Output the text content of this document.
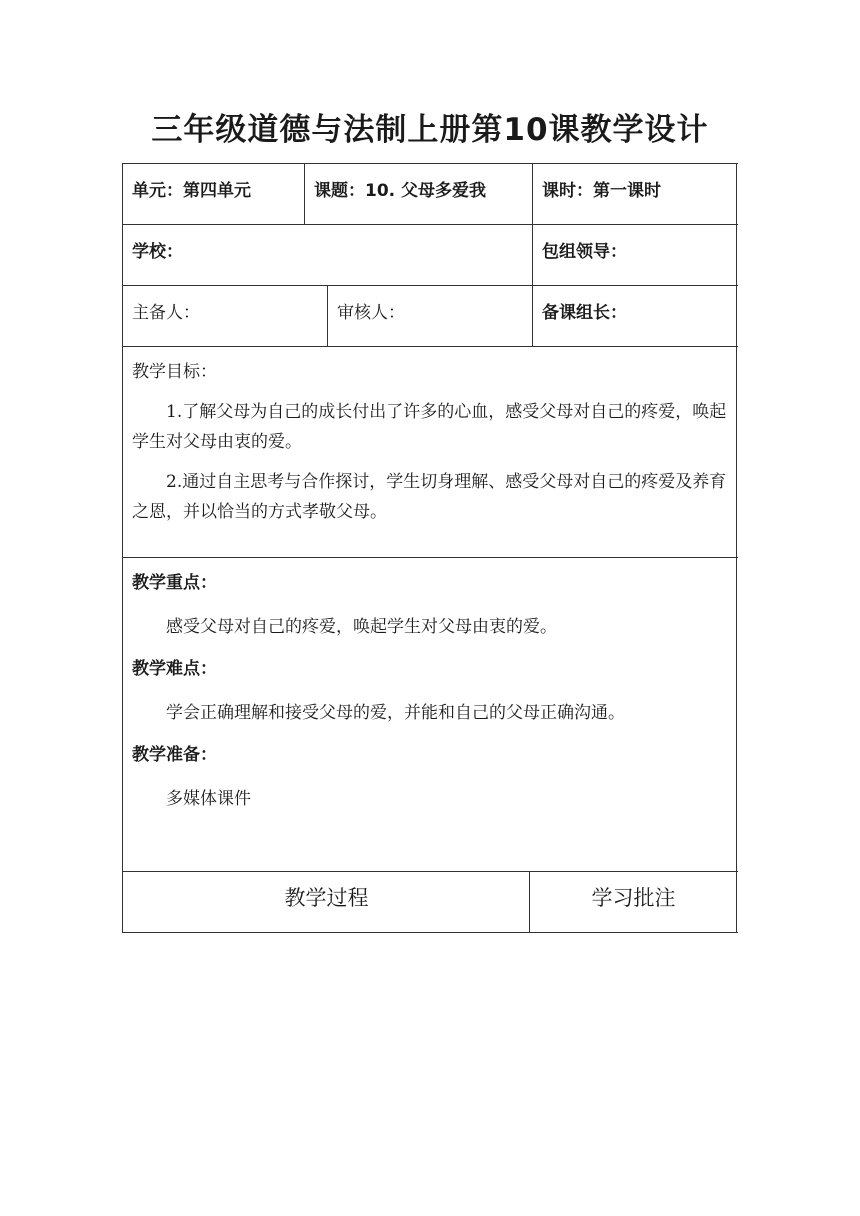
三年级道德与法制上册第10课教学设计
单元：第四单元	课题：10. 父母多爱我	课时：第一课时
学校：	包组领导：
主备人：	审核人：	备课组长：

教学目标：

1.了解父母为自己的成长付出了许多的心血，感受父母对自己的疼爱，唤起学生对父母由衷的爱。

2.通过自主思考与合作探讨，学生切身理解、感受父母对自己的疼爱及养育之恩，并以恰当的方式孝敬父母。

教学重点：

感受父母对自己的疼爱，唤起学生对父母由衷的爱。

教学难点：

学会正确理解和接受父母的爱，并能和自己的父母正确沟通。

教学准备：

多媒体课件

教学过程	学习批注
